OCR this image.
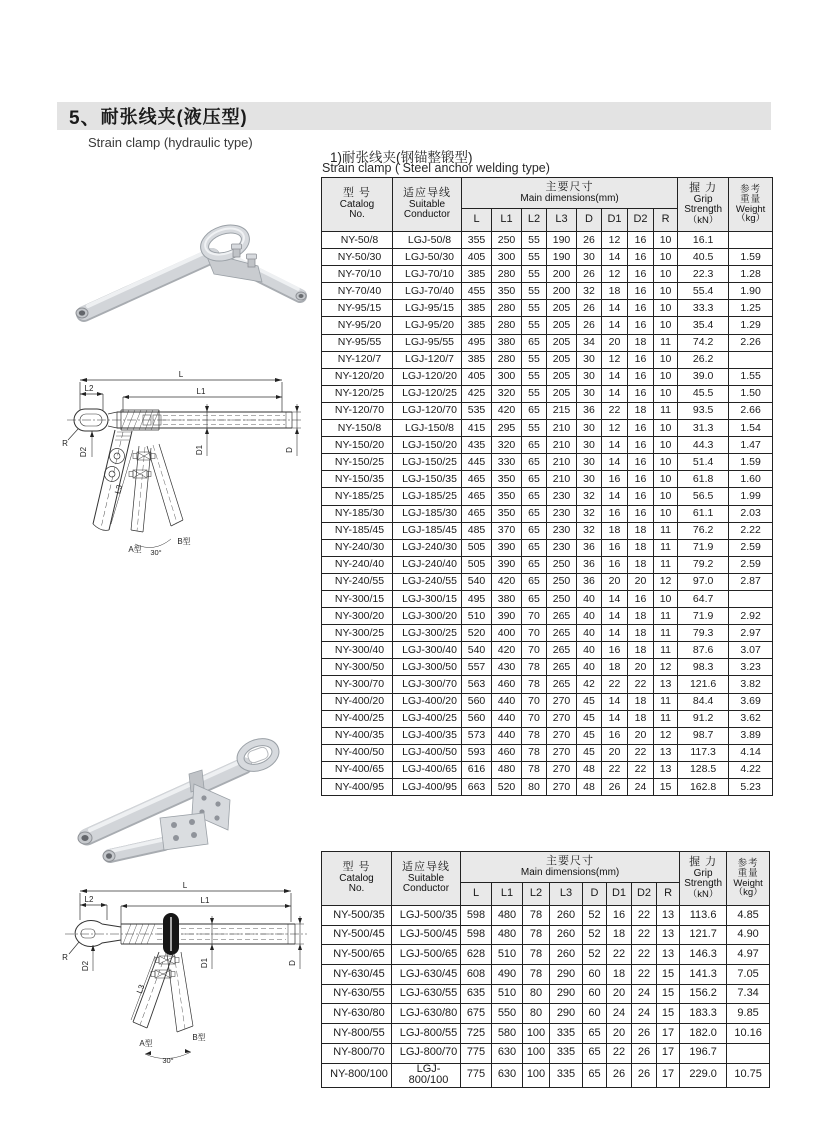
5、 耐张线夹(液压型)
Strain clamp (hydraulic type)
1)耐张线夹(钢锚整锻型)
Strain clamp ( Steel anchor welding type)
L
L2	L1
R
D2	D1	D
L3
A型
B型
30°
L
L2	L1
R
D2	D1	D
L3
A型
B型
30°
型 号
Catalog
No.	适应导线
Suitable
Conductor	主要尺寸
Main dimensions(mm)								握 力
Grip
Strength
（kN）	参考
重量
Weight
（kg）

		L	L1	L2	L3	D	D1	D2	R		
NY-50/8	LGJ-50/8	355	250	55	190	26	12	16	10	16.1	
NY-50/30	LGJ-50/30	405	300	55	190	30	14	16	10	40.5	1.59
NY-70/10	LGJ-70/10	385	280	55	200	26	12	16	10	22.3	1.28
NY-70/40	LGJ-70/40	455	350	55	200	32	18	16	10	55.4	1.90
NY-95/15	LGJ-95/15	385	280	55	205	26	14	16	10	33.3	1.25
NY-95/20	LGJ-95/20	385	280	55	205	26	14	16	10	35.4	1.29
NY-95/55	LGJ-95/55	495	380	65	205	34	20	18	11	74.2	2.26
NY-120/7	LGJ-120/7	385	280	55	205	30	12	16	10	26.2	
NY-120/20	LGJ-120/20	405	300	55	205	30	14	16	10	39.0	1.55
NY-120/25	LGJ-120/25	425	320	55	205	30	14	16	10	45.5	1.50
NY-120/70	LGJ-120/70	535	420	65	215	36	22	18	11	93.5	2.66
NY-150/8	LGJ-150/8	415	295	55	210	30	12	16	10	31.3	1.54
NY-150/20	LGJ-150/20	435	320	65	210	30	14	16	10	44.3	1.47
NY-150/25	LGJ-150/25	445	330	65	210	30	14	16	10	51.4	1.59
NY-150/35	LGJ-150/35	465	350	65	210	30	16	16	10	61.8	1.60
NY-185/25	LGJ-185/25	465	350	65	230	32	14	16	10	56.5	1.99
NY-185/30	LGJ-185/30	465	350	65	230	32	16	16	10	61.1	2.03
NY-185/45	LGJ-185/45	485	370	65	230	32	18	18	11	76.2	2.22
NY-240/30	LGJ-240/30	505	390	65	230	36	16	18	11	71.9	2.59
NY-240/40	LGJ-240/40	505	390	65	250	36	16	18	11	79.2	2.59
NY-240/55	LGJ-240/55	540	420	65	250	36	20	20	12	97.0	2.87
NY-300/15	LGJ-300/15	495	380	65	250	40	14	16	10	64.7	
NY-300/20	LGJ-300/20	510	390	70	265	40	14	18	11	71.9	2.92
NY-300/25	LGJ-300/25	520	400	70	265	40	14	18	11	79.3	2.97
NY-300/40	LGJ-300/40	540	420	70	265	40	16	18	11	87.6	3.07
NY-300/50	LGJ-300/50	557	430	78	265	40	18	20	12	98.3	3.23
NY-300/70	LGJ-300/70	563	460	78	265	42	22	22	13	121.6	3.82
NY-400/20	LGJ-400/20	560	440	70	270	45	14	18	11	84.4	3.69
NY-400/25	LGJ-400/25	560	440	70	270	45	14	18	11	91.2	3.62
NY-400/35	LGJ-400/35	573	440	78	270	45	16	20	12	98.7	3.89
NY-400/50	LGJ-400/50	593	460	78	270	45	20	22	13	117.3	4.14
NY-400/65	LGJ-400/65	616	480	78	270	48	22	22	13	128.5	4.22
NY-400/95	LGJ-400/95	663	520	80	270	48	26	24	15	162.8	5.23
型 号
Catalog
No.	适应导线
Suitable
Conductor	主要尺寸
Main dimensions(mm)								握 力
Grip
Strength
（kN）	参考
重量
Weight
（kg）

		L	L1	L2	L3	D	D1	D2	R		
NY-500/35	LGJ-500/35	598	480	78	260	52	16	22	13	113.6	4.85
NY-500/45	LGJ-500/45	598	480	78	260	52	18	22	13	121.7	4.90
NY-500/65	LGJ-500/65	628	510	78	260	52	22	22	13	146.3	4.97
NY-630/45	LGJ-630/45	608	490	78	290	60	18	22	15	141.3	7.05
NY-630/55	LGJ-630/55	635	510	80	290	60	20	24	15	156.2	7.34
NY-630/80	LGJ-630/80	675	550	80	290	60	24	24	15	183.3	9.85
NY-800/55	LGJ-800/55	725	580	100	335	65	20	26	17	182.0	10.16
NY-800/70	LGJ-800/70	775	630	100	335	65	22	26	17	196.7	
NY-800/100	LGJ-800/100	775	630	100	335	65	26	26	17	229.0	10.75
